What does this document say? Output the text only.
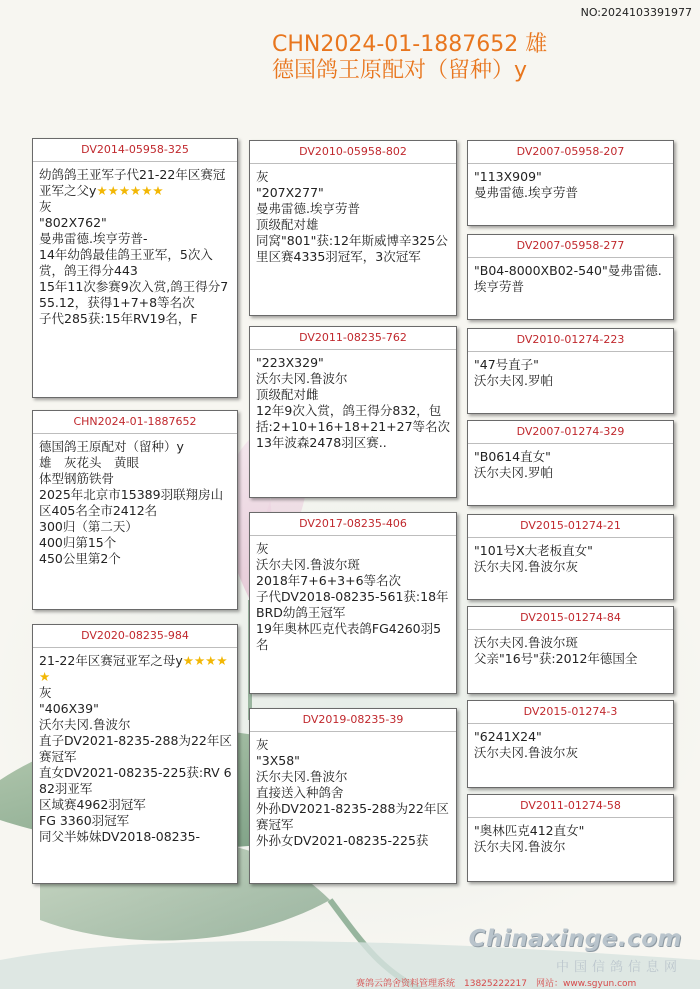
NO:2024103391977
CHN2024-01-1887652 雄
德国鸽王原配对（留种）y
DV2014-05958-325
幼鸽鸽王亚军子代21-22年区赛冠亚军之父y★★★★★★
灰
"802X762"
曼弗雷德.埃亨劳普-
14年幼鸽最佳鸽王亚军，5次入赏，鸽王得分443
15年11次参赛9次入赏,鸽王得分755.12，获得1+7+8等名次
子代285获:15年RV19名，F
CHN2024-01-1887652
德国鸽王原配对（留种）y
雄　灰花头　黄眼
体型钢筋铁骨
2025年北京市15389羽联翔房山区405名全市2412名
300归（第二天）
400归第15个
450公里第2个
DV2020-08235-984
21-22年区赛冠亚军之母y★★★★★
灰
"406X39"
沃尔夫冈.鲁波尔
直子DV2021-8235-288为22年区赛冠军
直女DV2021-08235-225获:RV 682羽亚军
区域赛4962羽冠军
FG 3360羽冠军
同父半姊妹DV2018-08235-
DV2010-05958-802
灰
"207X277"
曼弗雷德.埃亨劳普
顶级配对雄
同窝"801"获:12年斯威博辛325公里区赛4335羽冠军，3次冠军
DV2011-08235-762
"223X329"
沃尔夫冈.鲁波尔
顶级配对雌
12年9次入赏，鸽王得分832，包括:2+10+16+18+21+27等名次
13年波森2478羽区赛..
DV2017-08235-406
灰
沃尔夫冈.鲁波尔斑
2018年7+6+3+6等名次
子代DV2018-08235-561获:18年BRD幼鸽王冠军
19年奥林匹克代表鸽FG4260羽5名
DV2019-08235-39
灰
"3X58"
沃尔夫冈.鲁波尔
直接送入种鸽舍
外孙DV2021-8235-288为22年区赛冠军
外孙女DV2021-08235-225获
DV2007-05958-207
"113X909"
曼弗雷德.埃亨劳普
DV2007-05958-277
"B04-8000XB02-540"曼弗雷德.埃亨劳普
DV2010-01274-223
"47号直子"
沃尔夫冈.罗帕
DV2007-01274-329
"B0614直女"
沃尔夫冈.罗帕
DV2015-01274-21
"101号X大老板直女"
沃尔夫冈.鲁波尔灰
DV2015-01274-84
沃尔夫冈.鲁波尔斑
父亲"16号"获:2012年德国全
DV2015-01274-3
"6241X24"
沃尔夫冈.鲁波尔灰
DV2011-01274-58
"奥林匹克412直女"
沃尔夫冈.鲁波尔
Chinaxinge.com
中国信鸽信息网
赛鸽云鸽舍资料管理系统　13825222217　网站：www.sgyun.com
